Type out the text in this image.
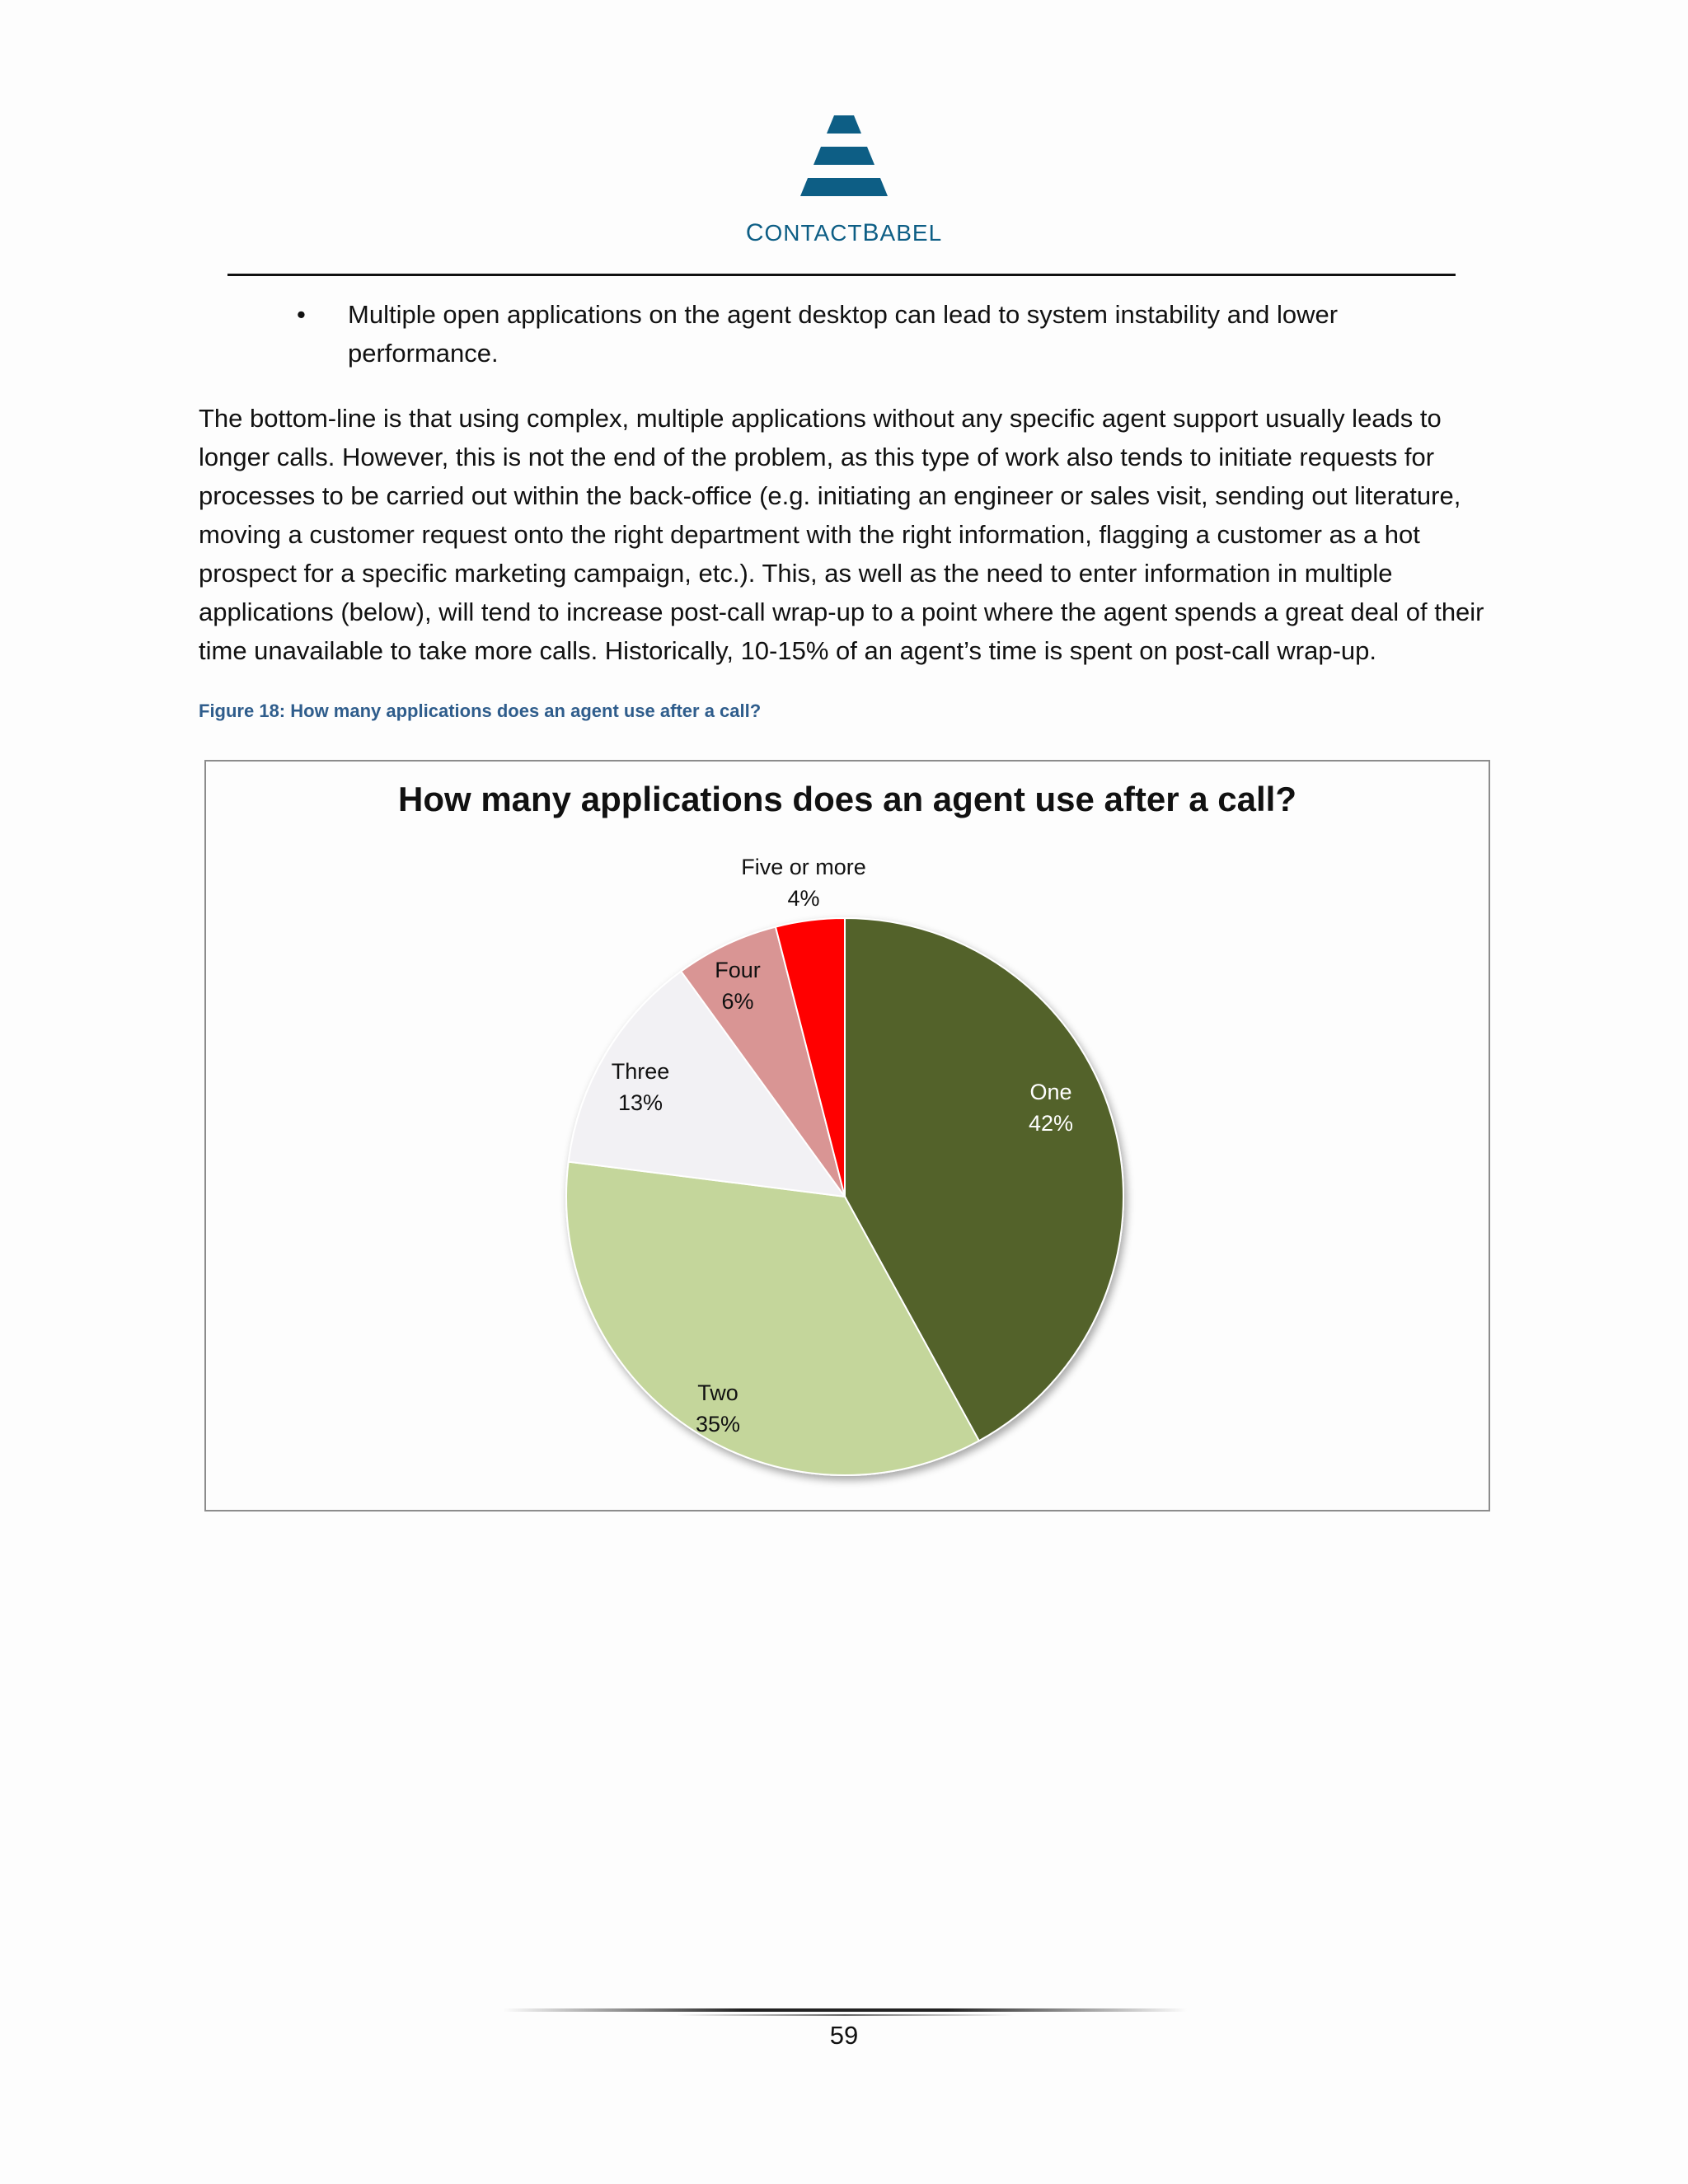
CONTACTBABEL
• Multiple open applications on the agent desktop can lead to system instability and lower performance.
The bottom-line is that using complex, multiple applications without any specific agent support usually leads to longer calls. However, this is not the end of the problem, as this type of work also tends to initiate requests for processes to be carried out within the back-office (e.g. initiating an engineer or sales visit, sending out literature, moving a customer request onto the right department with the right information, flagging a customer as a hot prospect for a specific marketing campaign, etc.). This, as well as the need to enter information in multiple applications (below), will tend to increase post-call wrap-up to a point where the agent spends a great deal of their time unavailable to take more calls. Historically, 10-15% of an agent’s time is spent on post-call wrap-up.
Figure 18: How many applications does an agent use after a call?
How many applications does an agent use after a call?
One 42%
Two 35%
Three 13%
Four 6%
Five or more 4%
59
